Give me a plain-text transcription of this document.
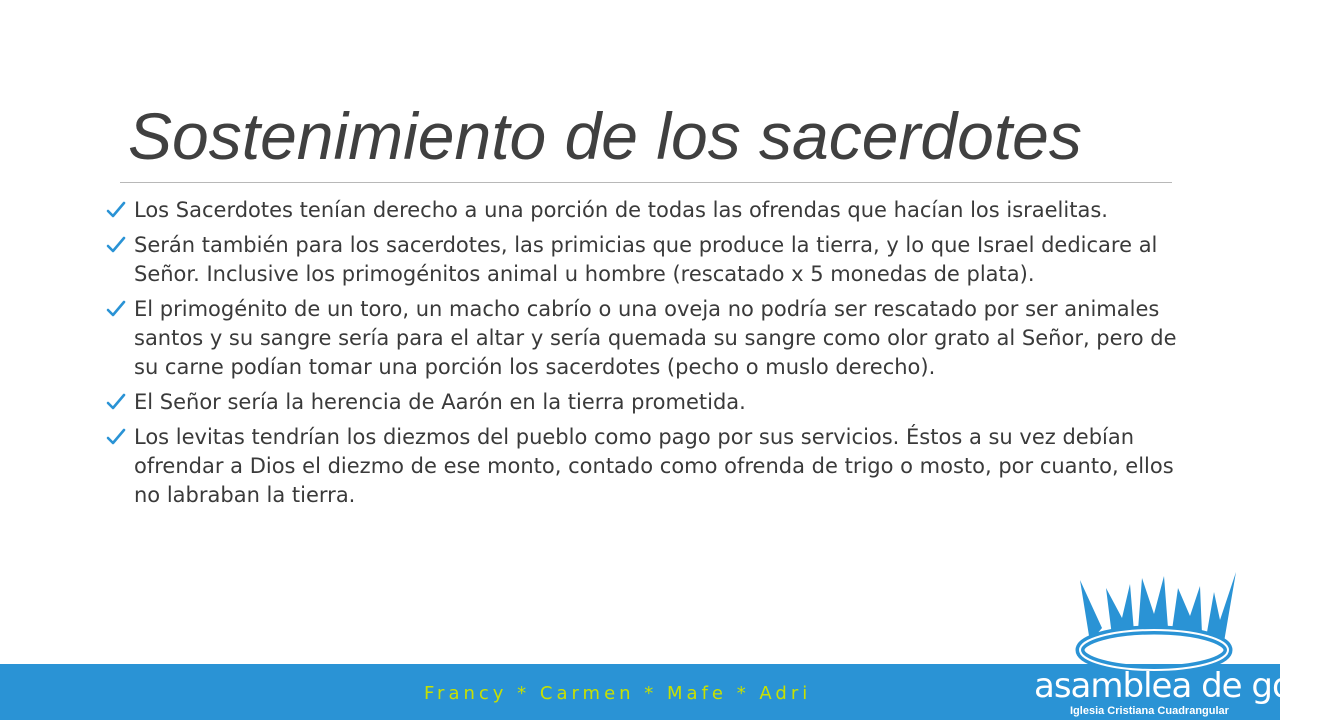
Sostenimiento de los sacerdotes
Los Sacerdotes tenían derecho a una porción de todas las ofrendas que hacían los israelitas.
Serán también para los sacerdotes, las primicias que produce la tierra, y lo que Israel dedicare al Señor. Inclusive los primogénitos animal u hombre (rescatado x 5 monedas de plata).
El primogénito de un toro, un macho cabrío o una oveja no podría ser rescatado por ser animales santos y su sangre sería para el altar y sería quemada su sangre como olor grato al Señor, pero de su carne podían tomar una porción los sacerdotes (pecho o muslo derecho).
El Señor sería la herencia de Aarón en la tierra prometida.
Los levitas tendrían los diezmos del pueblo como pago por sus servicios. Éstos a su vez debían ofrendar a Dios el diezmo de ese monto, contado como ofrenda de trigo o mosto, por cuanto, ellos no labraban la tierra.
Francy * Carmen * Mafe * Adri	asamblea de gozo
Iglesia Cristiana Cuadrangular
